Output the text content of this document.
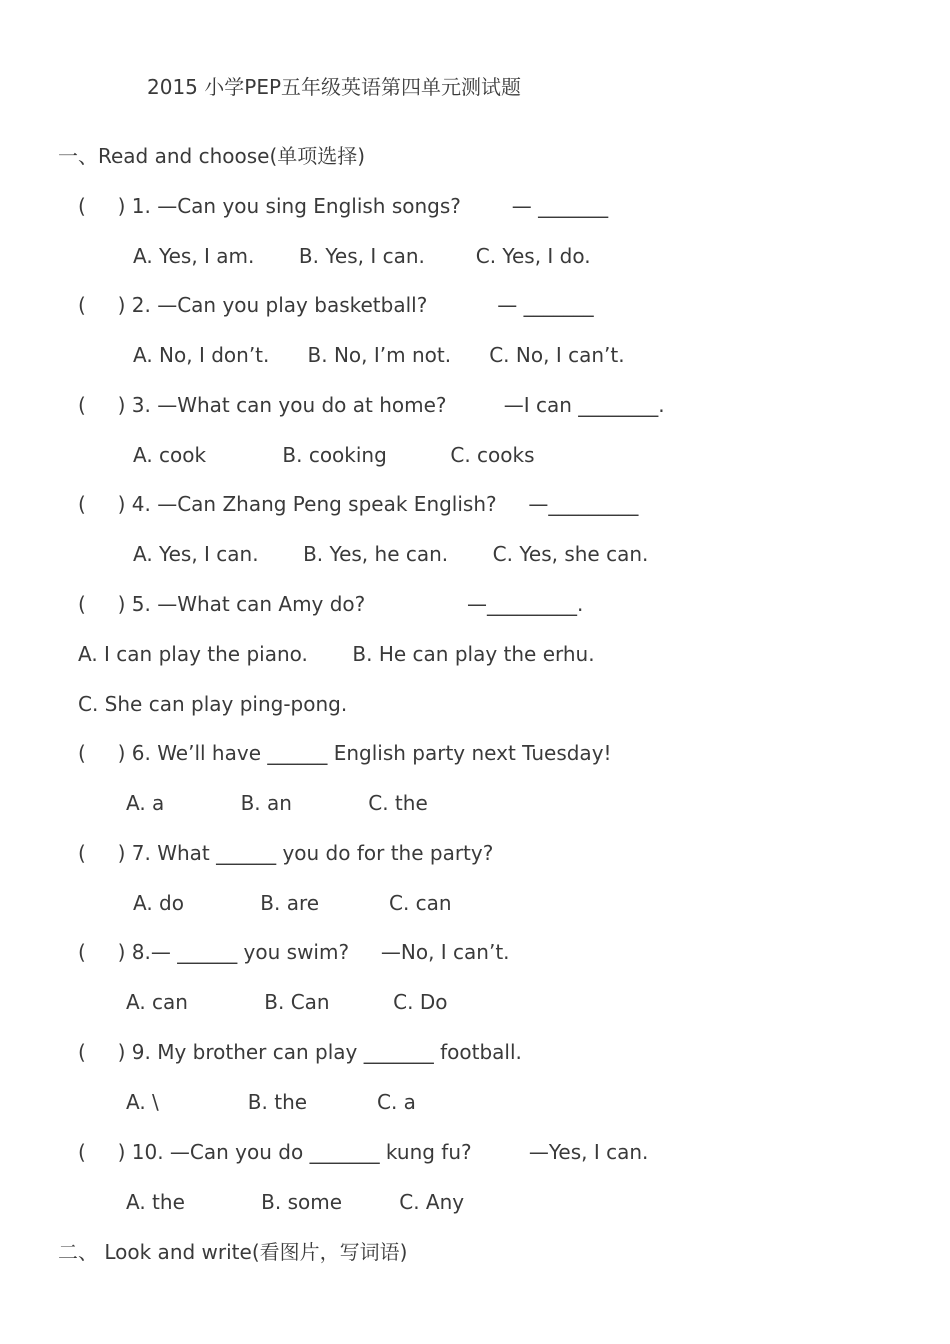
2015 小学PEP五年级英语第四单元测试题
一、Read and choose(单项选择)
(     ) 1. —Can you sing English songs?        — _______
A. Yes, I am.       B. Yes, I can.        C. Yes, I do.
(     ) 2. —Can you play basketball?           — _______
A. No, I don’t.      B. No, I’m not.      C. No, I can’t.
(     ) 3. —What can you do at home?         —I can ________.
A. cook            B. cooking          C. cooks
(     ) 4. —Can Zhang Peng speak English?     —_________
A. Yes, I can.       B. Yes, he can.       C. Yes, she can.
(     ) 5. —What can Amy do?                —_________.
A. I can play the piano.       B. He can play the erhu.
C. She can play ping-pong.
(     ) 6. We’ll have ______ English party next Tuesday!
A. a            B. an            C. the
(     ) 7. What ______ you do for the party?
A. do            B. are           C. can
(     ) 8.— ______ you swim?     —No, I can’t.
A. can            B. Can          C. Do
(     ) 9. My brother can play _______ football.
A. \              B. the           C. a
(     ) 10. —Can you do _______ kung fu?         —Yes, I can.
A. the            B. some         C. Any
二、 Look and write(看图片，写词语)
